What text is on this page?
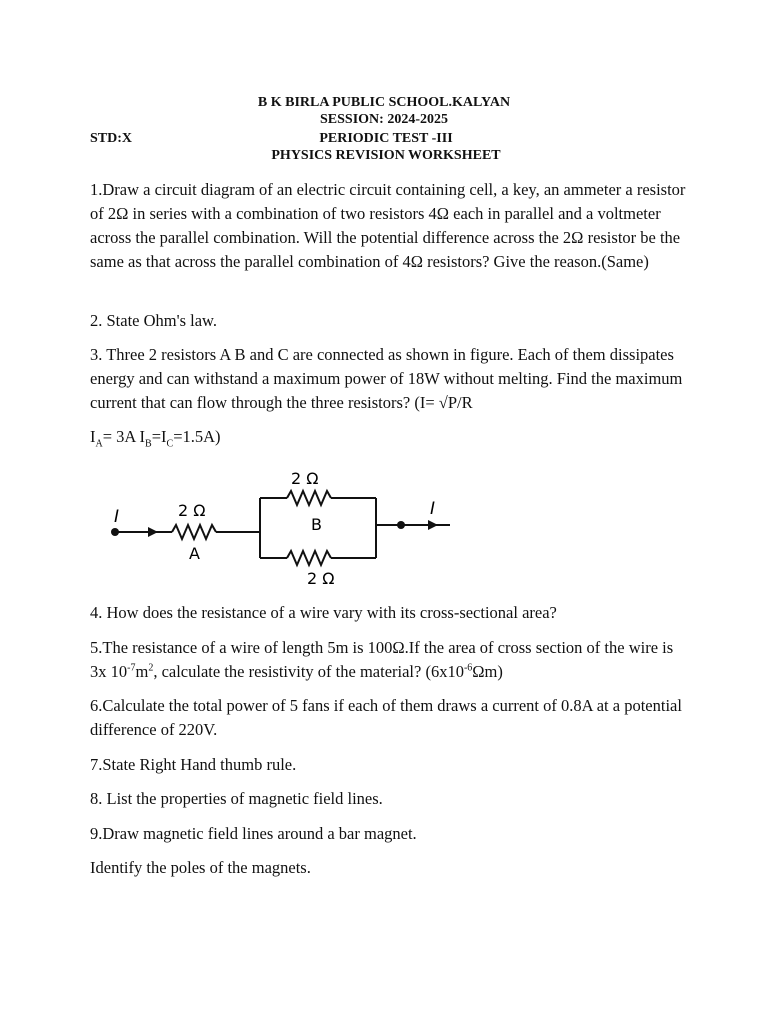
B K BIRLA PUBLIC SCHOOL.KALYAN
SESSION: 2024-2025
STD:X	PERIODIC TEST -III
PHYSICS REVISION WORKSHEET

1.Draw a circuit diagram of an electric circuit containing cell, a key, an ammeter a resistor of 2Ω in series with a combination of two resistors 4Ω each in parallel and a voltmeter across the parallel combination. Will the potential difference across the 2Ω resistor be the same as that across the parallel combination of 4Ω resistors? Give the reason.(Same)

2. State Ohm's law.

3. Three 2 resistors A B and C are connected as shown in figure. Each of them dissipates energy and can withstand a maximum power of 18W without melting. Find the maximum current that can flow through the three resistors? (I= √P/R

$I_A= 3A$ $I_B=I_C=1.5A$)

I	I
2 Ω
A
2 Ω
B
2 Ω

4. How does the resistance of a wire vary with its cross-sectional area?

5.The resistance of a wire of length 5m is 100Ω.If the area of cross section of the wire is 3x $10^{-7}m^2$, calculate the resistivity of the material? $(6x10^{-6}\Omega m)$

6.Calculate the total power of 5 fans if each of them draws a current of 0.8A at a potential difference of 220V.

7.State Right Hand thumb rule.

8. List the properties of magnetic field lines.

9.Draw magnetic field lines around a bar magnet.

Identify the poles of the magnets.
